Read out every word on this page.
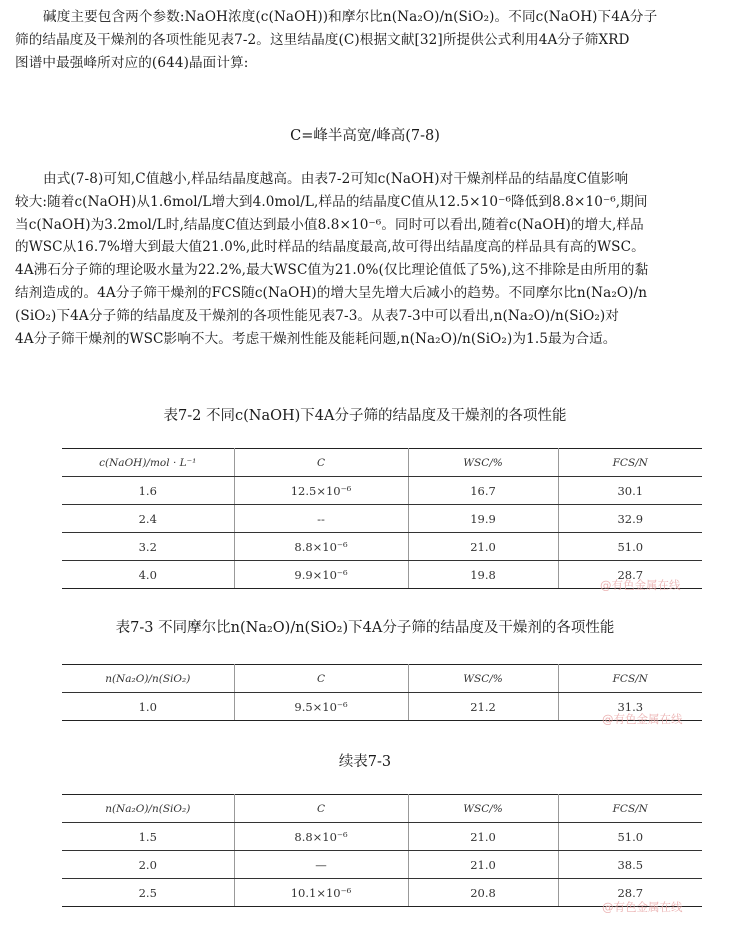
碱度主要包含两个参数:NaOH浓度(c(NaOH))和摩尔比n(Na₂O)/n(SiO₂)。不同c(NaOH)下4A分子
筛的结晶度及干燥剂的各项性能见表7-2。这里结晶度(C)根据文献[32]所提供公式利用4A分子筛XRD
图谱中最强峰所对应的(644)晶面计算:

C=峰半高宽/峰高(7-8)

由式(7-8)可知,C值越小,样品结晶度越高。由表7-2可知c(NaOH)对干燥剂样品的结晶度C值影响
较大:随着c(NaOH)从1.6mol/L增大到4.0mol/L,样品的结晶度C值从12.5×10⁻⁶降低到8.8×10⁻⁶,期间
当c(NaOH)为3.2mol/L时,结晶度C值达到最小值8.8×10⁻⁶。同时可以看出,随着c(NaOH)的增大,样品
的WSC从16.7%增大到最大值21.0%,此时样品的结晶度最高,故可得出结晶度高的样品具有高的WSC。
4A沸石分子筛的理论吸水量为22.2%,最大WSC值为21.0%(仅比理论值低了5%),这不排除是由所用的黏
结剂造成的。4A分子筛干燥剂的FCS随c(NaOH)的增大呈先增大后减小的趋势。不同摩尔比n(Na₂O)/n
(SiO₂)下4A分子筛的结晶度及干燥剂的各项性能见表7-3。从表7-3中可以看出,n(Na₂O)/n(SiO₂)对
4A分子筛干燥剂的WSC影响不大。考虑干燥剂性能及能耗问题,n(Na₂O)/n(SiO₂)为1.5最为合适。

表7-2 不同c(NaOH)下4A分子筛的结晶度及干燥剂的各项性能

c(NaOH)/mol · L⁻¹	C	WSC/%	FCS/N
1.6	12.5×10⁻⁶	16.7	30.1
2.4	--	19.9	32.9
3.2	8.8×10⁻⁶	21.0	51.0
4.0	9.9×10⁻⁶	19.8	28.7
@有色金属在线

表7-3 不同摩尔比n(Na₂O)/n(SiO₂)下4A分子筛的结晶度及干燥剂的各项性能

n(Na₂O)/n(SiO₂)	C	WSC/%	FCS/N
1.0	9.5×10⁻⁶	21.2	31.3
@有色金属在线

续表7-3

n(Na₂O)/n(SiO₂)	C	WSC/%	FCS/N
1.5	8.8×10⁻⁶	21.0	51.0
2.0	—	21.0	38.5
2.5	10.1×10⁻⁶	20.8	28.7
@有色金属在线
